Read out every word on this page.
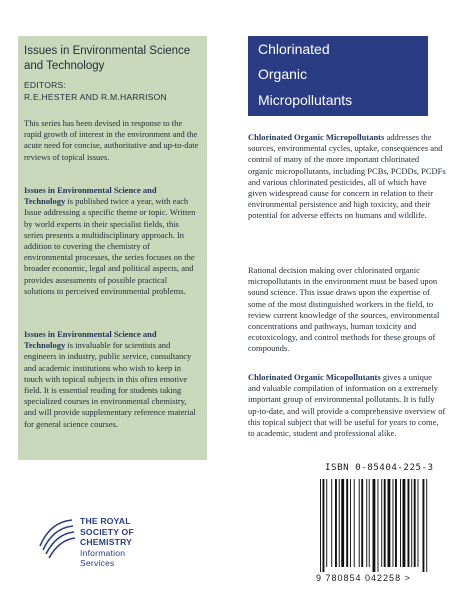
Issues in Environmental Science and Technology
EDITORS:
R.E.HESTER AND R.M.HARRISON
This series has been devised in response to the rapid growth of interest in the environment and the acute need for concise, authoritative and up-to-date reviews of topical issues.
Issues in Environmental Science and Technology is published twice a year, with each Issue addressing a specific theme or topic. Written by world experts in their specialist fields, this series presents a multidisciplinary approach. In addition to covering the chemistry of environmental processes, the series focuses on the broader economic, legal and political aspects, and provides assessments of possible practical solutions to perceived environmental problems.
Issues in Environmental Science and Technology is invaluable for scientists and engineers in industry, public service, consultancy and academic institutions who wish to keep in touch with topical subjects in this often emotive field. It is essential reading for students taking specialized courses in environmental chemistry, and will provide supplementary reference material for general science courses.
Chlorinated
Organic
Micropollutants
Chlorinated Organic Micropollutants addresses the sources, environmental cycles, uptake, consequences and control of many of the more important chlorinated organic micropollutants, including PCBs, PCDDs, PCDFs and various chlorinated pesticides, all of which have given widespread cause for concern in relation to their environmental persistence and high toxicity, and their potential for adverse effects on humans and wildlife.
Rational decision making over chlorinated organic micropollutants in the environment must be based upon sound science. This issue draws upon the expertise of some of the most distinguished workers in the field, to review current knowledge of the sources, environmental concentrations and pathways, human toxicity and ecotoxicology, and control methods for these groups of compounds.
Chlorinated Organic Micopollutants gives a unique and valuable compilation of information on a extremely important group of environmental pollutants. It is fully up-to-date, and will provide a comprehensive overview of this topical subject that will be useful for years to come, to academic, student and professional alike.
ISBN 0-85404-225-3
9 780854 042258 >
THE ROYAL
SOCIETY OF
CHEMISTRY
Information
Services
